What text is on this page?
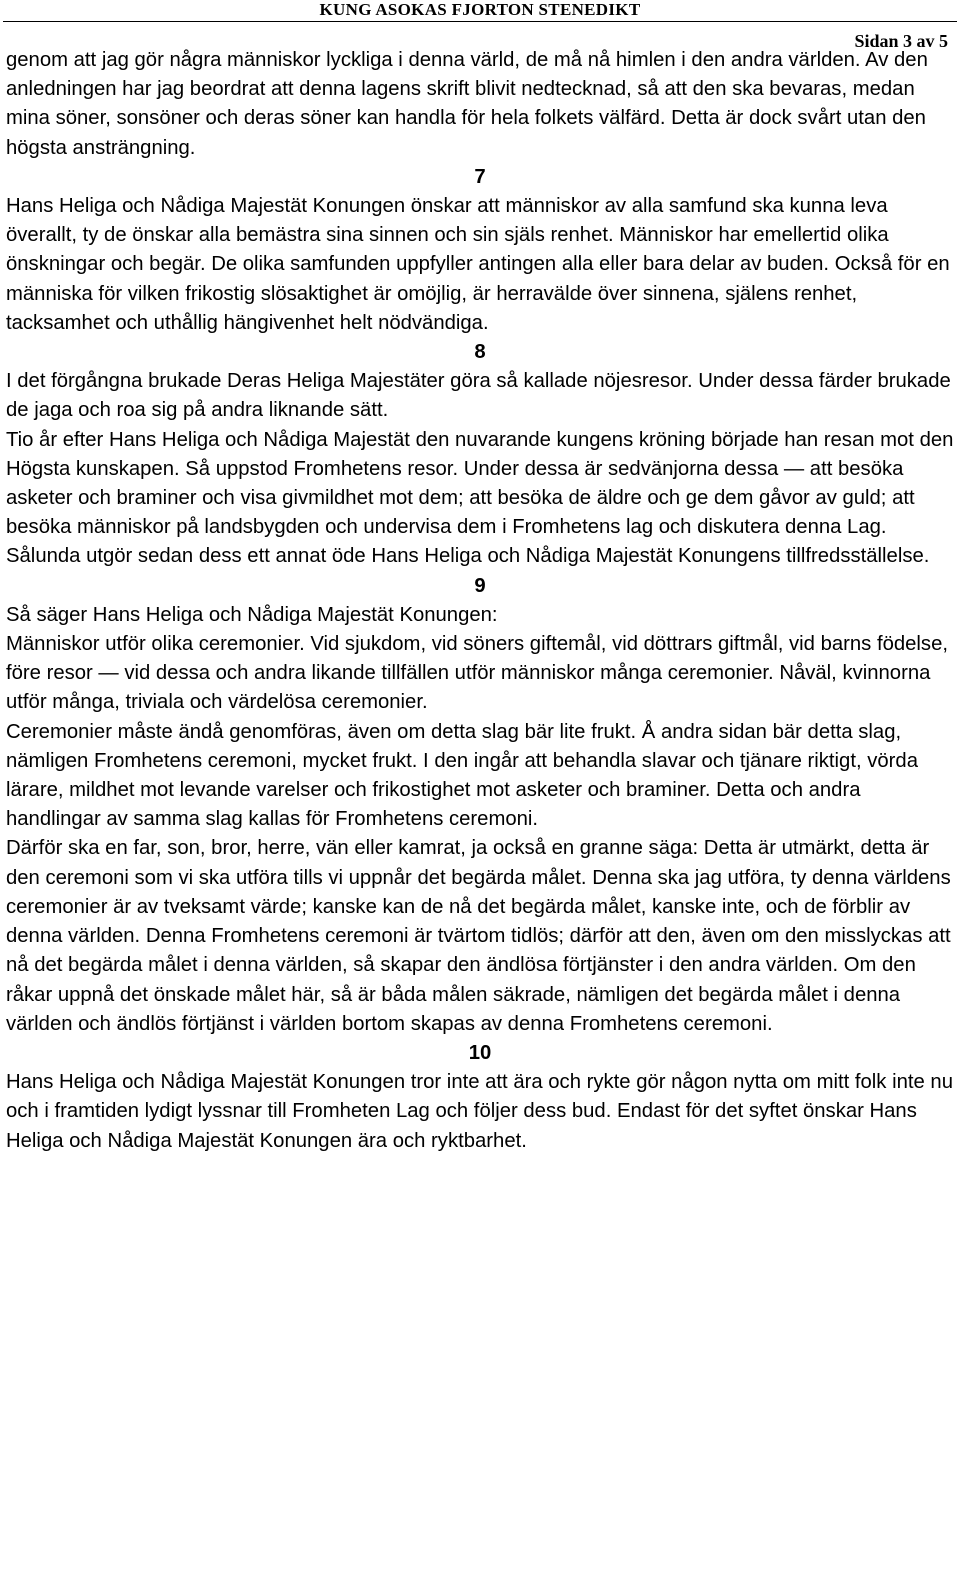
KUNG ASOKAS FJORTON STENEDIKT
Sidan 3 av 5

genom att jag gör några människor lyckliga i denna värld, de må nå himlen i den andra världen. Av den anledningen har jag beordrat att denna lagens skrift blivit nedtecknad, så att den ska bevaras, medan mina söner, sonsöner och deras söner kan handla för hela folkets välfärd. Detta är dock svårt utan den högsta ansträngning.

7

Hans Heliga och Nådiga Majestät Konungen önskar att människor av alla samfund ska kunna leva överallt, ty de önskar alla bemästra sina sinnen och sin själs renhet. Människor har emellertid olika önskningar och begär. De olika samfunden uppfyller antingen alla eller bara delar av buden. Också för en människa för vilken frikostig slösaktighet är omöjlig, är herravälde över sinnena, själens renhet, tacksamhet och uthållig hängivenhet helt nödvändiga.

8

I det förgångna brukade Deras Heliga Majestäter göra så kallade nöjesresor. Under dessa färder brukade de jaga och roa sig på andra liknande sätt.

Tio år efter Hans Heliga och Nådiga Majestät den nuvarande kungens kröning började han resan mot den Högsta kunskapen. Så uppstod Fromhetens resor. Under dessa är sedvänjorna dessa — att besöka asketer och braminer och visa givmildhet mot dem; att besöka de äldre och ge dem gåvor av guld; att besöka människor på landsbygden och undervisa dem i Fromhetens lag och diskutera denna Lag. Sålunda utgör sedan dess ett annat öde Hans Heliga och Nådiga Majestät Konungens tillfredsställelse.

9

Så säger Hans Heliga och Nådiga Majestät Konungen:

Människor utför olika ceremonier. Vid sjukdom, vid söners giftemål, vid döttrars giftmål, vid barns födelse, före resor — vid dessa och andra likande tillfällen utför människor många ceremonier. Nåväl, kvinnorna utför många, triviala och värdelösa ceremonier.

Ceremonier måste ändå genomföras, även om detta slag bär lite frukt. Å andra sidan bär detta slag, nämligen Fromhetens ceremoni, mycket frukt. I den ingår att behandla slavar och tjänare riktigt, vörda lärare, mildhet mot levande varelser och frikostighet mot asketer och braminer. Detta och andra handlingar av samma slag kallas för Fromhetens ceremoni.

Därför ska en far, son, bror, herre, vän eller kamrat, ja också en granne säga: Detta är utmärkt, detta är den ceremoni som vi ska utföra tills vi uppnår det begärda målet. Denna ska jag utföra, ty denna världens ceremonier är av tveksamt värde; kanske kan de nå det begärda målet, kanske inte, och de förblir av denna världen. Denna Fromhetens ceremoni är tvärtom tidlös; därför att den, även om den misslyckas att nå det begärda målet i denna världen, så skapar den ändlösa förtjänster i den andra världen. Om den råkar uppnå det önskade målet här, så är båda målen säkrade, nämligen det begärda målet i denna världen och ändlös förtjänst i världen bortom skapas av denna Fromhetens ceremoni.

10

Hans Heliga och Nådiga Majestät Konungen tror inte att ära och rykte gör någon nytta om mitt folk inte nu och i framtiden lydigt lyssnar till Fromheten Lag och följer dess bud. Endast för det syftet önskar Hans Heliga och Nådiga Majestät Konungen ära och ryktbarhet.
